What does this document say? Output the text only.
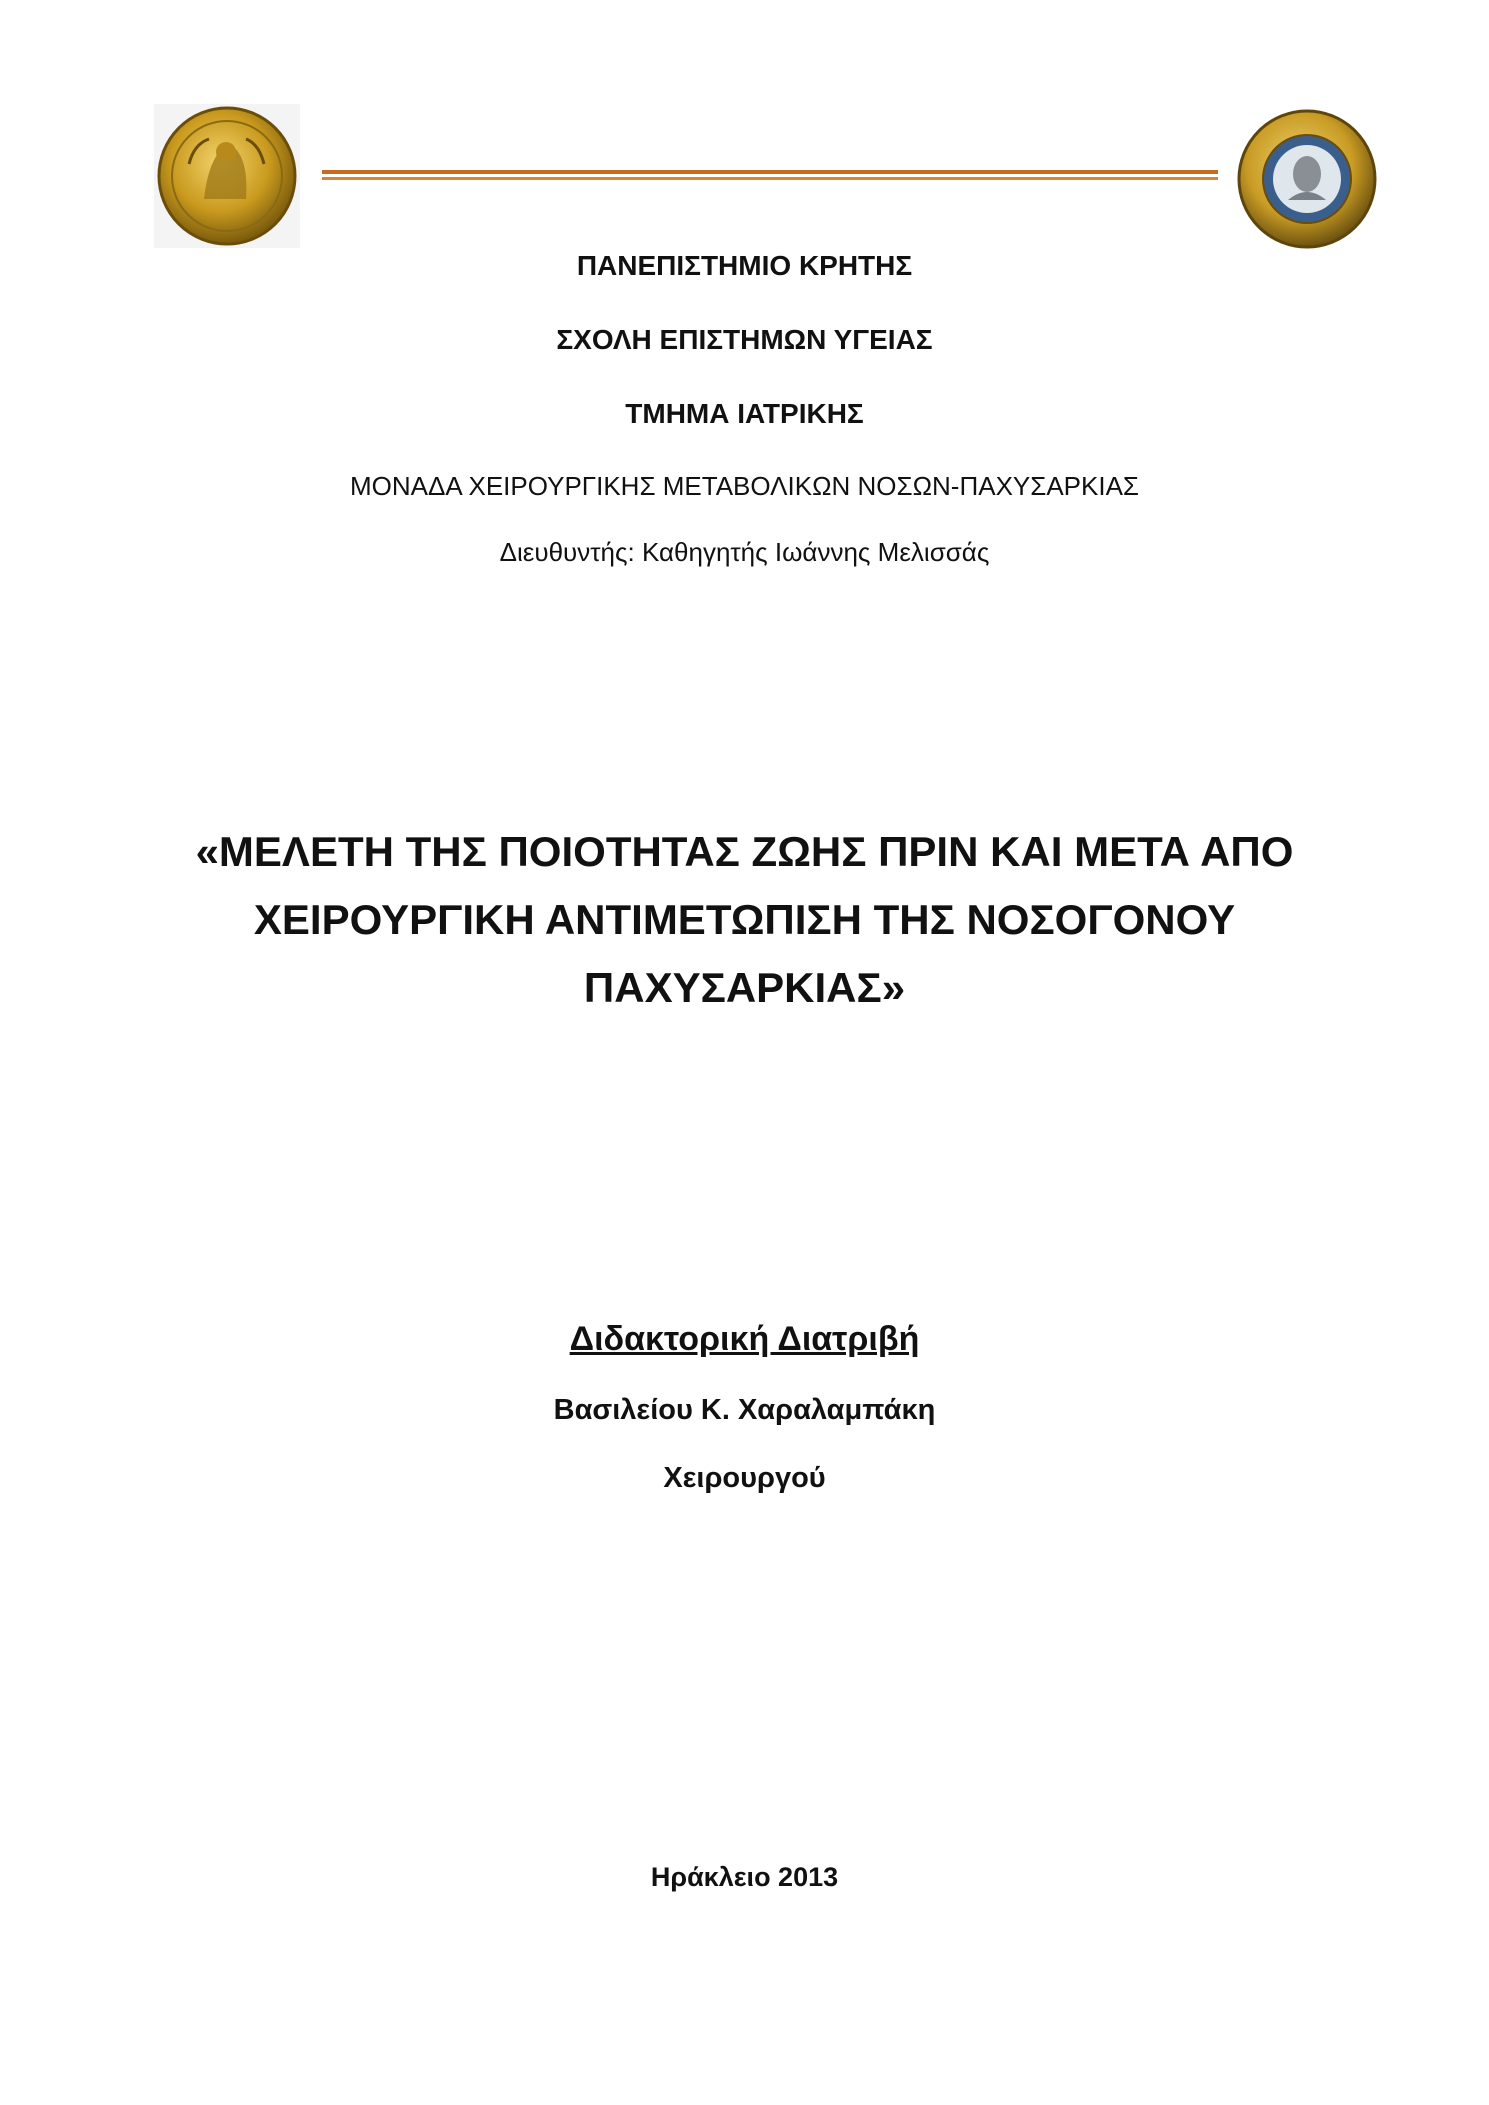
ΠΑΝΕΠΙΣΤΗΜΙΟ ΚΡΗΤΗΣ
ΣΧΟΛΗ ΕΠΙΣΤΗΜΩΝ ΥΓΕΙΑΣ
ΤΜΗΜΑ ΙΑΤΡΙΚΗΣ
ΜΟΝΑΔΑ ΧΕΙΡΟΥΡΓΙΚΗΣ ΜΕΤΑΒΟΛΙΚΩΝ ΝΟΣΩΝ-ΠΑΧΥΣΑΡΚΙΑΣ
Διευθυντής: Καθηγητής Ιωάννης Μελισσάς
«ΜΕΛΕΤΗ ΤΗΣ ΠΟΙΟΤΗΤΑΣ ΖΩΗΣ ΠΡΙΝ ΚΑΙ ΜΕΤΑ ΑΠΟ
ΧΕΙΡΟΥΡΓΙΚΗ ΑΝΤΙΜΕΤΩΠΙΣΗ ΤΗΣ ΝΟΣΟΓΟΝΟΥ
ΠΑΧΥΣΑΡΚΙΑΣ»
Διδακτορική Διατριβή
Βασιλείου Κ. Χαραλαμπάκη
Χειρουργού
Ηράκλειο 2013
